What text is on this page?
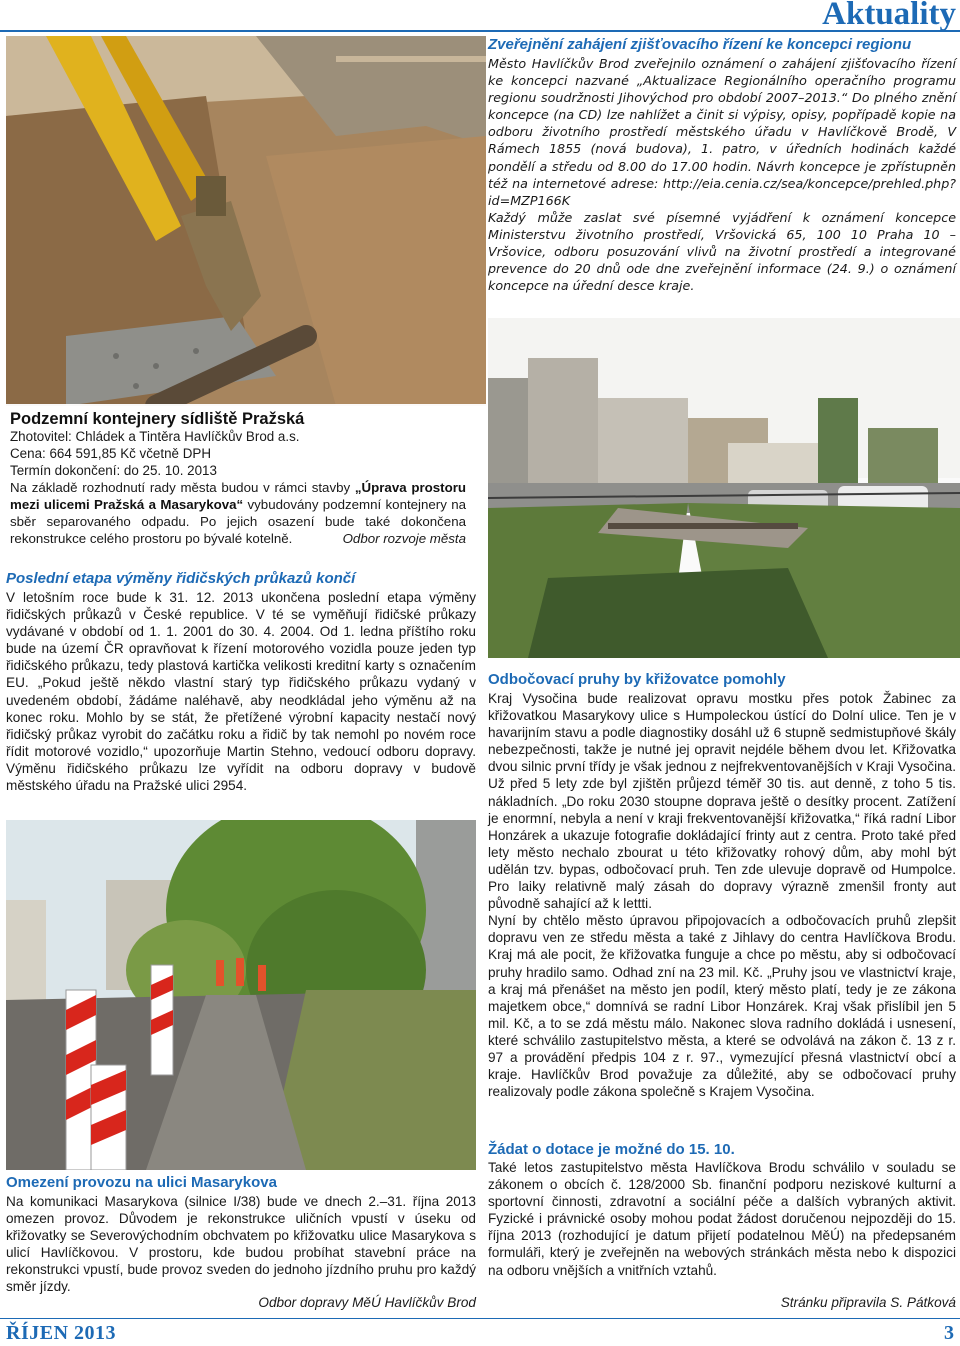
Aktuality
Zveřejnění zahájení zjišťovacího řízení ke koncepci regionu

Město Havlíčkův Brod zveřejnilo oznámení o zahájení zjišťovacího řízení ke koncepci nazvané „Aktualizace Regionálního operačního programu regionu soudržnosti Jihovýchod pro období 2007–2013.“ Do plného znění koncepce (na CD) lze nahlížet a činit si výpisy, opisy, popřípadě kopie na odboru životního prostředí městského úřadu v Havlíčkově Brodě, V Rámech 1855 (nová budova), 1. patro, v úředních hodinách každé pondělí a středu od 8.00 do 17.00 hodin. Návrh koncepce je zpřístupněn též na internetové adrese: http://eia.cenia.cz/sea/koncepce/prehled.php?id=MZP166K

Každý může zaslat své písemné vyjádření k oznámení koncepce Ministerstvu životního prostředí, Vršovická 65, 100 10 Praha 10 – Vršovice, odboru posuzování vlivů na životní prostředí a integrované prevence do 20 dnů ode dne zveřejnění informace (24. 9.) o oznámení koncepce na úřední desce kraje.

Podzemní kontejnery sídliště Pražská
Zhotovitel: Chládek a Tintěra Havlíčkův Brod a.s.
Cena: 664 591,85 Kč včetně DPH
Termín dokončení: do 25. 10. 2013
Na základě rozhodnutí rady města budou v rámci stavby „Úprava prostoru mezi ulicemi Pražská a Masarykova“ vybudovány podzemní kontejnery na sběr separovaného odpadu. Po jejich osazení bude také dokončena rekonstrukce celého prostoru po bývalé kotelně.	Odbor rozvoje města
Poslední etapa výměny řidičských průkazů končí
V letošním roce bude k 31. 12. 2013 ukončena poslední etapa výměny řidičských průkazů v České republice. V té se vyměňují řidičské průkazy vydávané v období od 1. 1. 2001 do 30. 4. 2004. Od 1. ledna příštího roku bude na území ČR opravňovat k řízení motorového vozidla pouze jeden typ řidičského průkazu, tedy plastová kartička velikosti kreditní karty s označením EU. „Pokud ještě někdo vlastní starý typ řidičského průkazu vydaný v uvedeném období, žádáme naléhavě, aby neodkládal jeho výměnu až na konec roku. Mohlo by se stát, že přetížené výrobní kapacity nestačí nový řidičský průkaz vyrobit do začátku roku a řidič by tak nemohl po novém roce řídit motorové vozidlo,“ upozorňuje Martin Stehno, vedoucí odboru dopravy. Výměnu řidičského průkazu lze vyřídit na odboru dopravy v budově městského úřadu na Pražské ulici 2954.
Omezení provozu na ulici Masarykova
Na komunikaci Masarykova (silnice I/38) bude ve dnech 2.–31. října 2013 omezen provoz. Důvodem je rekonstrukce uličních vpustí v úseku od křižovatky se Sever​ovýchodním obchvatem po křižovatku ulice Masarykova s ulicí Havlíčkovou. V prostoru, kde budou probíhat stavební práce na rekonstrukci vpustí, bude provoz sveden do jednoho jízdního pruhu pro každý směr jízdy.
Odbor dopravy MěÚ Havlíčkův Brod
Odbočovací pruhy by křižovatce pomohly

Kraj Vysočina bude realizovat opravu mostku přes potok Žabinec za křižovatkou Masarykovy ulice s Humpoleckou ústící do Dolní ulice. Ten je v havarijním stavu a podle diagnostiky dosáhl už 6 stupně sedmistupňové škály nebezpečnosti, takže je nutné jej opravit nejdéle během dvou let. Křižovatka dvou silnic první třídy je však jednou z nejfrekventovanějších v Kraji Vysočina. Už před 5 lety zde byl zjištěn průjezd téměř 30 tis. aut denně, z toho 5 tis. nákladních. „Do roku 2030 stoupne doprava ještě o desítky procent. Zatížení je enormní, nebyla a není v kraji frekventovanější křižovatka,“ říká radní Libor Honzárek a ukazuje fotografie dokládající frinty aut z centra. Proto také před lety město nechalo zbourat u této křižovatky rohový dům, aby mohl být udělán tzv. bypas, odbočovací pruh. Ten zde ulevuje dopravě od Humpolce. Pro laiky relativně malý zásah do dopravy výrazně zmenšil fronty aut původně sahající až k lettti.

Nyní by chtělo město úpravou připojovacích a odbočovacích pruhů zlepšit dopravu ven ze středu města a také z Jihlavy do centra Havlíčkova Brodu. Kraj má ale pocit, že křižovatka funguje a chce po městu, aby si odbočovací pruhy hradilo samo. Odhad zní na 23 mil. Kč. „Pruhy jsou ve vlastnictví kraje, a kraj má přenášet na město jen podíl, který město platí, tedy je ze zákona majetkem obce,“ domnívá se radní Libor Honzárek. Kraj však přislíbil jen 5 mil. Kč, a to se zdá městu málo. Nakonec slova radního dokládá i usnesení, které schválilo zastupitelstvo města, a které se odvolává na zákon č. 13 z r. 97 a provádění předpis 104 z r. 97., vymezující přesná vlastnictví obcí a kraje. Havlíčkův Brod považuje za důležité, aby se odbočovací pruhy realizovaly podle zákona společně s Krajem Vysočina.

Žádat o dotace je možné do 15. 10.
Také letos zastupitelstvo města Havlíčkova Brodu schválilo v souladu se zákonem o obcích č. 128/2000 Sb. finanční podporu neziskové kulturní a sportovní činnosti, zdravotní a sociální péče a dalších vybraných aktivit. Fyzické i právnické osoby mohou podat žádost doručenou nejpozději do 15. října 2013 (rozhodující je datum přijetí podatelnou MěÚ) na předepsaném formuláři, který je zveřejněn na webových stránkách města nebo k dispozici na odboru vnějších a vnitřních vztahů.
Stránku připravila S. Pátková
ŘÍJEN 2013	3
